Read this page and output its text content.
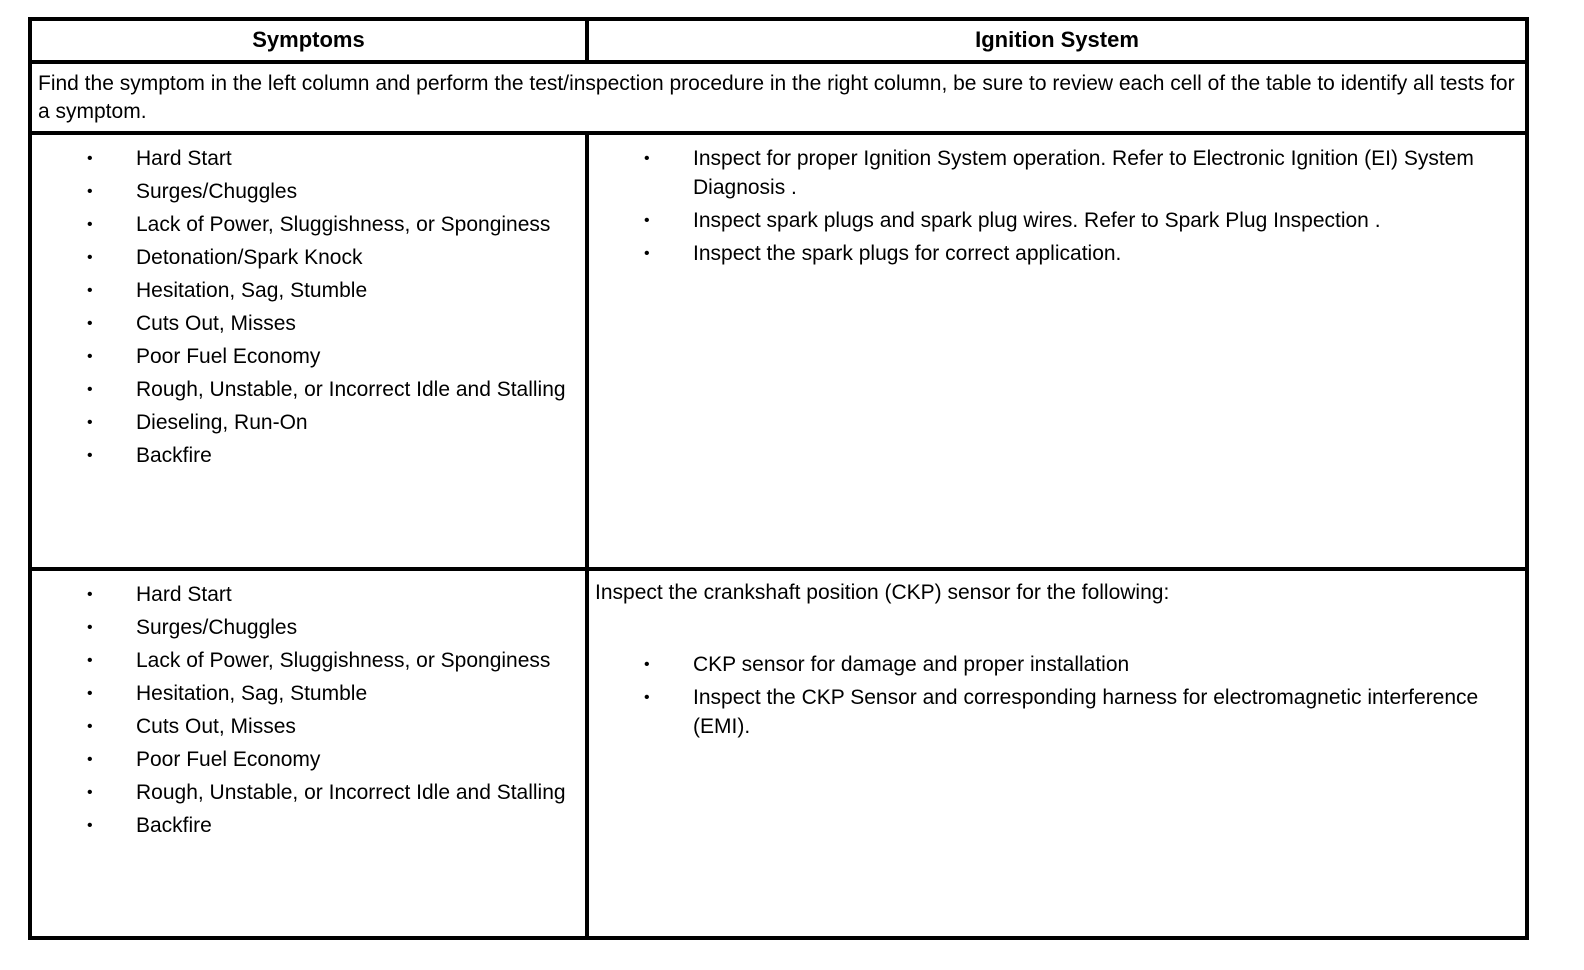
Symptoms	Ignition System
Find the symptom in the left column and perform the test/inspection procedure in the right column, be sure to review each cell of the table to identify all tests for a symptom.
• Hard Start
• Surges/Chuggles
• Lack of Power, Sluggishness, or Sponginess
• Detonation/Spark Knock
• Hesitation, Sag, Stumble
• Cuts Out, Misses
• Poor Fuel Economy
• Rough, Unstable, or Incorrect Idle and Stalling
• Dieseling, Run-On
• Backfire
• Inspect for proper Ignition System operation. Refer to Electronic Ignition (EI) System Diagnosis .
• Inspect spark plugs and spark plug wires. Refer to Spark Plug Inspection .
• Inspect the spark plugs for correct application.
• Hard Start
• Surges/Chuggles
• Lack of Power, Sluggishness, or Sponginess
• Hesitation, Sag, Stumble
• Cuts Out, Misses
• Poor Fuel Economy
• Rough, Unstable, or Incorrect Idle and Stalling
• Backfire
Inspect the crankshaft position (CKP) sensor for the following:
• CKP sensor for damage and proper installation
• Inspect the CKP Sensor and corresponding harness for electromagnetic interference (EMI).
